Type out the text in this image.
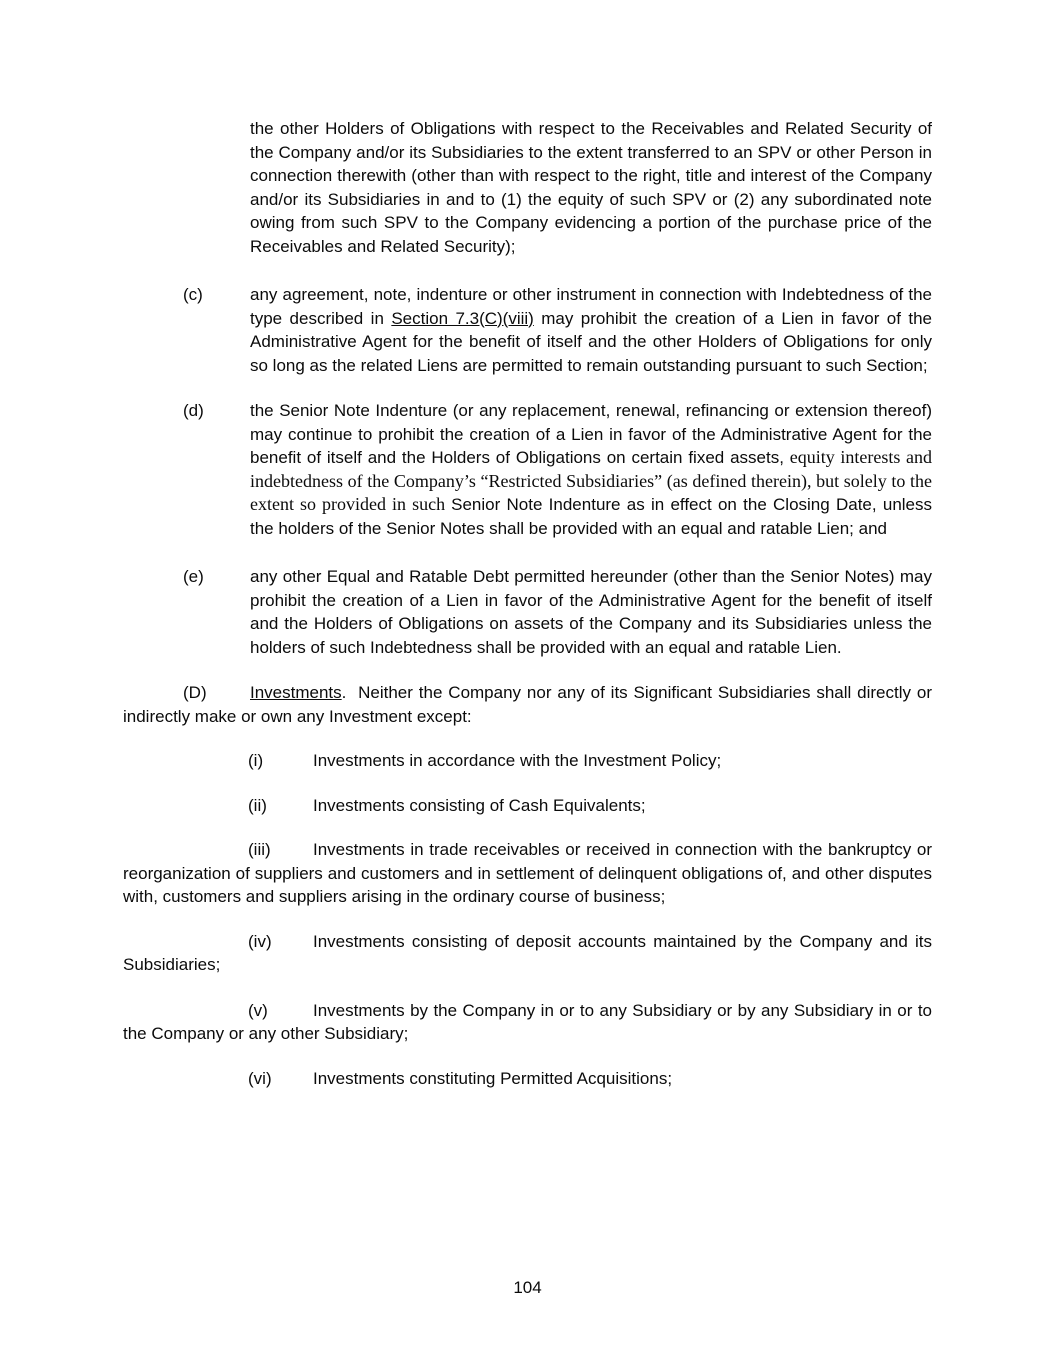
the other Holders of Obligations with respect to the Receivables and Related Security of the Company and/or its Subsidiaries to the extent transferred to an SPV or other Person in connection therewith (other than with respect to the right, title and interest of the Company and/or its Subsidiaries in and to (1) the equity of such SPV or (2) any subordinated note owing from such SPV to the Company evidencing a portion of the purchase price of the Receivables and Related Security);

(c)	any agreement, note, indenture or other instrument in connection with Indebtedness of the type described in Section 7.3(C)(viii) may prohibit the creation of a Lien in favor of the Administrative Agent for the benefit of itself and the other Holders of Obligations for only so long as the related Liens are permitted to remain outstanding pursuant to such Section;
(d)	the Senior Note Indenture (or any replacement, renewal, refinancing or extension thereof) may continue to prohibit the creation of a Lien in favor of the Administrative Agent for the benefit of itself and the Holders of Obligations on certain fixed assets, equity interests and indebtedness of the Company’s “Restricted Subsidiaries” (as defined therein), but solely to the extent so provided in such Senior Note Indenture as in effect on the Closing Date, unless the holders of the Senior Notes shall be provided with an equal and ratable Lien; and
(e)	any other Equal and Ratable Debt permitted hereunder (other than the Senior Notes) may prohibit the creation of a Lien in favor of the Administrative Agent for the benefit of itself and the Holders of Obligations on assets of the Company and its Subsidiaries unless the holders of such Indebtedness shall be provided with an equal and ratable Lien.

(D)	Investments.  Neither the Company nor any of its Significant Subsidiaries shall directly or indirectly make or own any Investment except:

(i)	Investments in accordance with the Investment Policy;

(ii)	Investments consisting of Cash Equivalents;

(iii) Investments in trade receivables or received in connection with the bankruptcy or reorganization of suppliers and customers and in settlement of delinquent obligations of, and other disputes with, customers and suppliers arising in the ordinary course of business;

(iv) Investments consisting of deposit accounts maintained by the Company and its Subsidiaries;

(v)	Investments by the Company in or to any Subsidiary or by any Subsidiary in or to the Company or any other Subsidiary;

(vi) Investments constituting Permitted Acquisitions;

104
